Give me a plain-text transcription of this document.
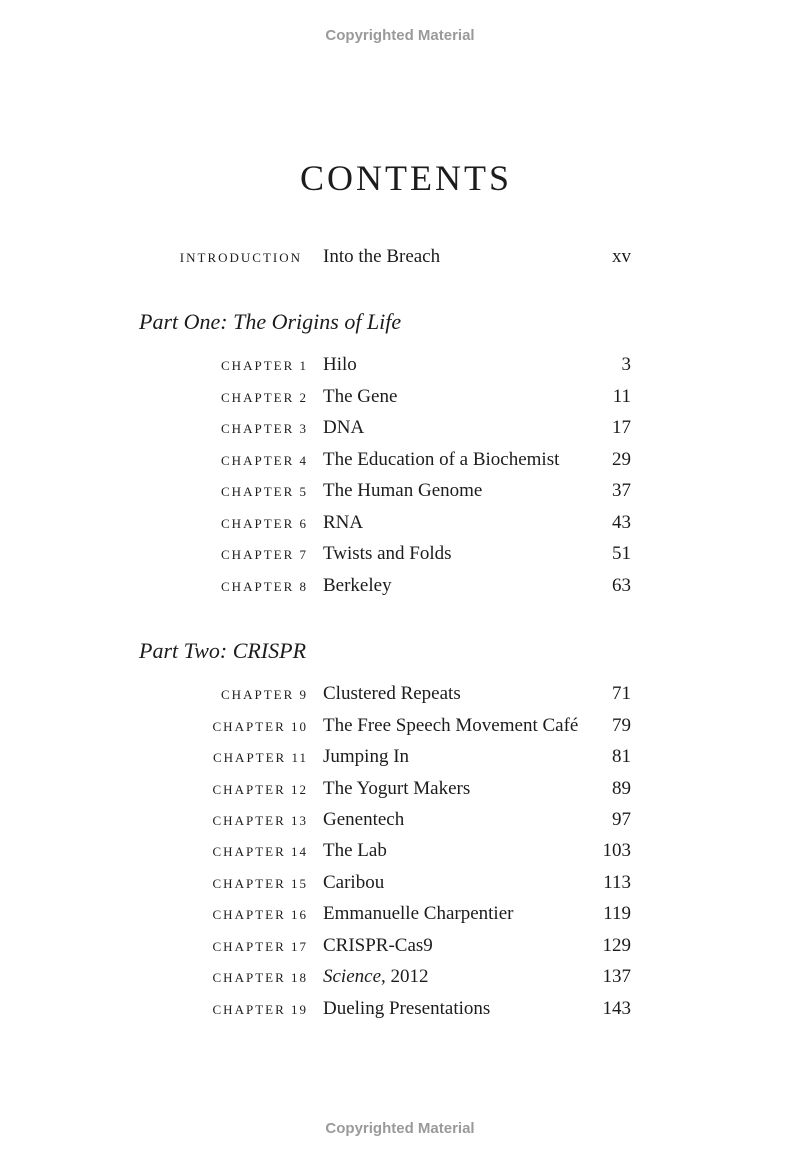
Copyrighted Material
CONTENTS
INTRODUCTION Into the Breach	xv
Part One: The Origins of Life
CHAPTER 1 Hilo	3
CHAPTER 2 The Gene	11
CHAPTER 3 DNA	17
CHAPTER 4 The Education of a Biochemist	29
CHAPTER 5 The Human Genome	37
CHAPTER 6 RNA	43
CHAPTER 7 Twists and Folds	51
CHAPTER 8 Berkeley	63
Part Two: CRISPR
CHAPTER 9 Clustered Repeats	71
CHAPTER 10 The Free Speech Movement Café 79
CHAPTER 11 Jumping In	81
CHAPTER 12 The Yogurt Makers	89
CHAPTER 13 Genentech	97
CHAPTER 14 The Lab	103
CHAPTER 15 Caribou	113
CHAPTER 16 Emmanuelle Charpentier	119
CHAPTER 17 CRISPR-Cas9	129
CHAPTER 18 Science, 2012	137
CHAPTER 19 Dueling Presentations	143
Copyrighted Material
